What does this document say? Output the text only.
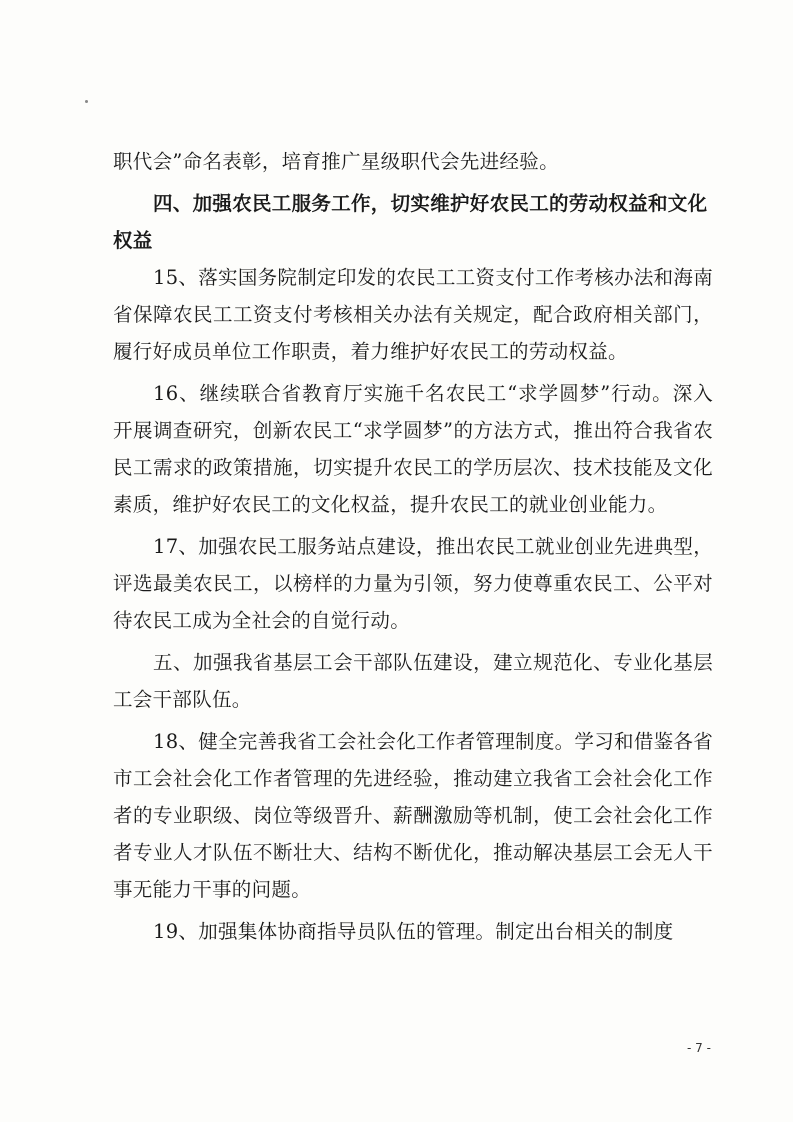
职代会”命名表彰，培育推广星级职代会先进经验。

四、加强农民工服务工作，切实维护好农民工的劳动权益和文化权益

15、落实国务院制定印发的农民工工资支付工作考核办法和海南省保障农民工工资支付考核相关办法有关规定，配合政府相关部门，履行好成员单位工作职责，着力维护好农民工的劳动权益。

16、继续联合省教育厅实施千名农民工“求学圆梦”行动。深入开展调查研究，创新农民工“求学圆梦”的方法方式，推出符合我省农民工需求的政策措施，切实提升农民工的学历层次、技术技能及文化素质，维护好农民工的文化权益，提升农民工的就业创业能力。

17、加强农民工服务站点建设，推出农民工就业创业先进典型，评选最美农民工，以榜样的力量为引领，努力使尊重农民工、公平对待农民工成为全社会的自觉行动。

五、加强我省基层工会干部队伍建设，建立规范化、专业化基层工会干部队伍。

18、健全完善我省工会社会化工作者管理制度。学习和借鉴各省市工会社会化工作者管理的先进经验，推动建立我省工会社会化工作者的专业职级、岗位等级晋升、薪酬激励等机制，使工会社会化工作者专业人才队伍不断壮大、结构不断优化，推动解决基层工会无人干事无能力干事的问题。

19、加强集体协商指导员队伍的管理。制定出台相关的制度

- 7 -
